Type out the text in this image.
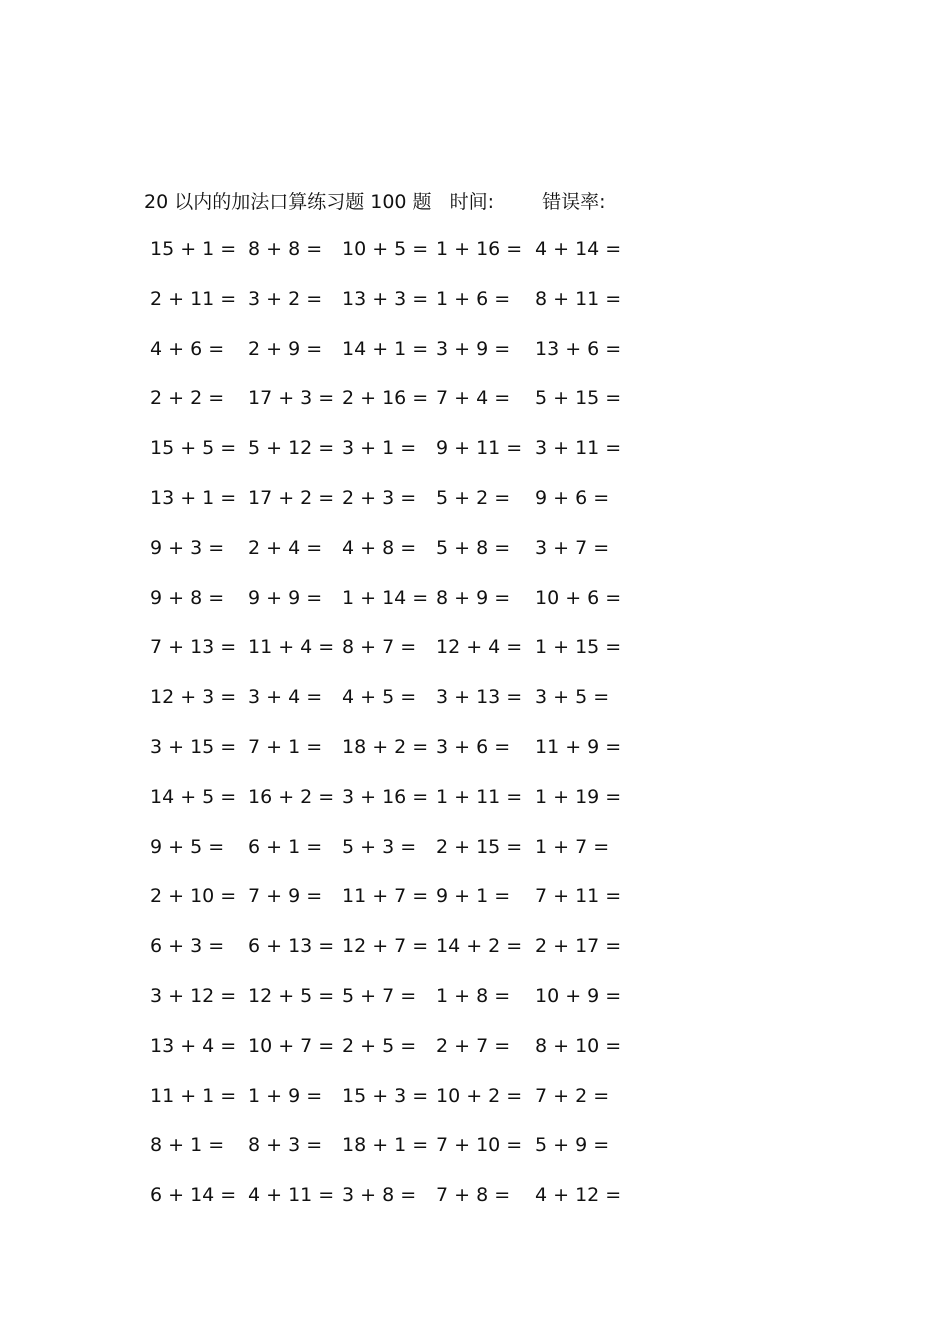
20 以内的加法口算练习题 100 题 时间:	错误率:
15 + 1 = 8 + 8 = 10 + 5 = 1 + 16 = 4 + 14 =
2 + 11 = 3 + 2 = 13 + 3 = 1 + 6 = 8 + 11 =
4 + 6 = 2 + 9 = 14 + 1 = 3 + 9 = 13 + 6 =
2 + 2 = 17 + 3 = 2 + 16 = 7 + 4 = 5 + 15 =
15 + 5 = 5 + 12 = 3 + 1 = 9 + 11 = 3 + 11 =
13 + 1 = 17 + 2 = 2 + 3 = 5 + 2 = 9 + 6 =
9 + 3 = 2 + 4 = 4 + 8 = 5 + 8 = 3 + 7 =
9 + 8 = 9 + 9 = 1 + 14 = 8 + 9 = 10 + 6 =
7 + 13 = 11 + 4 = 8 + 7 = 12 + 4 = 1 + 15 =
12 + 3 = 3 + 4 = 4 + 5 = 3 + 13 = 3 + 5 =
3 + 15 = 7 + 1 = 18 + 2 = 3 + 6 = 11 + 9 =
14 + 5 = 16 + 2 = 3 + 16 = 1 + 11 = 1 + 19 =
9 + 5 = 6 + 1 = 5 + 3 = 2 + 15 = 1 + 7 =
2 + 10 = 7 + 9 = 11 + 7 = 9 + 1 = 7 + 11 =
6 + 3 = 6 + 13 = 12 + 7 = 14 + 2 = 2 + 17 =
3 + 12 = 12 + 5 = 5 + 7 = 1 + 8 = 10 + 9 =
13 + 4 = 10 + 7 = 2 + 5 = 2 + 7 = 8 + 10 =
11 + 1 = 1 + 9 = 15 + 3 = 10 + 2 = 7 + 2 =
8 + 1 = 8 + 3 = 18 + 1 = 7 + 10 = 5 + 9 =
6 + 14 = 4 + 11 = 3 + 8 = 7 + 8 = 4 + 12 =
